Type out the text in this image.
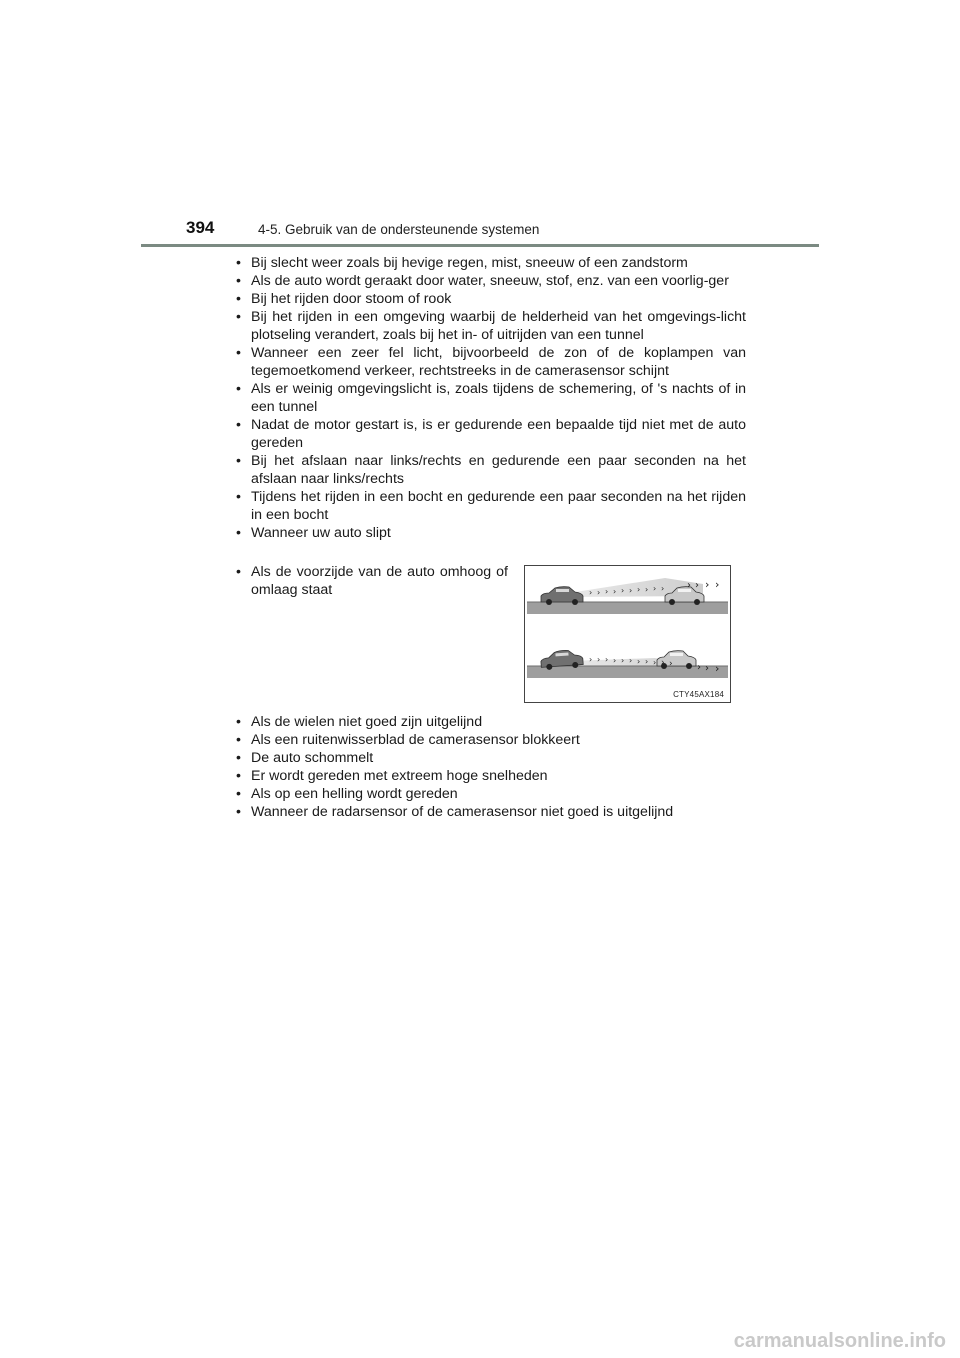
394	4-5. Gebruik van de ondersteunende systemen
• Bij slecht weer zoals bij hevige regen, mist, sneeuw of een zandstorm
• Als de auto wordt geraakt door water, sneeuw, stof, enz. van een voorlig-ger
• Bij het rijden door stoom of rook
• Bij het rijden in een omgeving waarbij de helderheid van het omgevings-licht plotseling verandert, zoals bij het in- of uitrijden van een tunnel
• Wanneer een zeer fel licht, bijvoorbeeld de zon of de koplampen van tegemoetkomend verkeer, rechtstreeks in de camerasensor schijnt
• Als er weinig omgevingslicht is, zoals tijdens de schemering, of 's nachts of in een tunnel
• Nadat de motor gestart is, is er gedurende een bepaalde tijd niet met de auto gereden
• Bij het afslaan naar links/rechts en gedurende een paar seconden na het afslaan naar links/rechts
• Tijdens het rijden in een bocht en gedurende een paar seconden na het rijden in een bocht
• Wanneer uw auto slipt
• Als de voorzijde van de auto omhoog of omlaag staat	› › › › › › › › › › › › › ›
› › › › › › › › › › › › › ›
CTY45AX184
• Als de wielen niet goed zijn uitgelijnd
• Als een ruitenwisserblad de camerasensor blokkeert
• De auto schommelt
• Er wordt gereden met extreem hoge snelheden
• Als op een helling wordt gereden
• Wanneer de radarsensor of de camerasensor niet goed is uitgelijnd
carmanualsonline.info
